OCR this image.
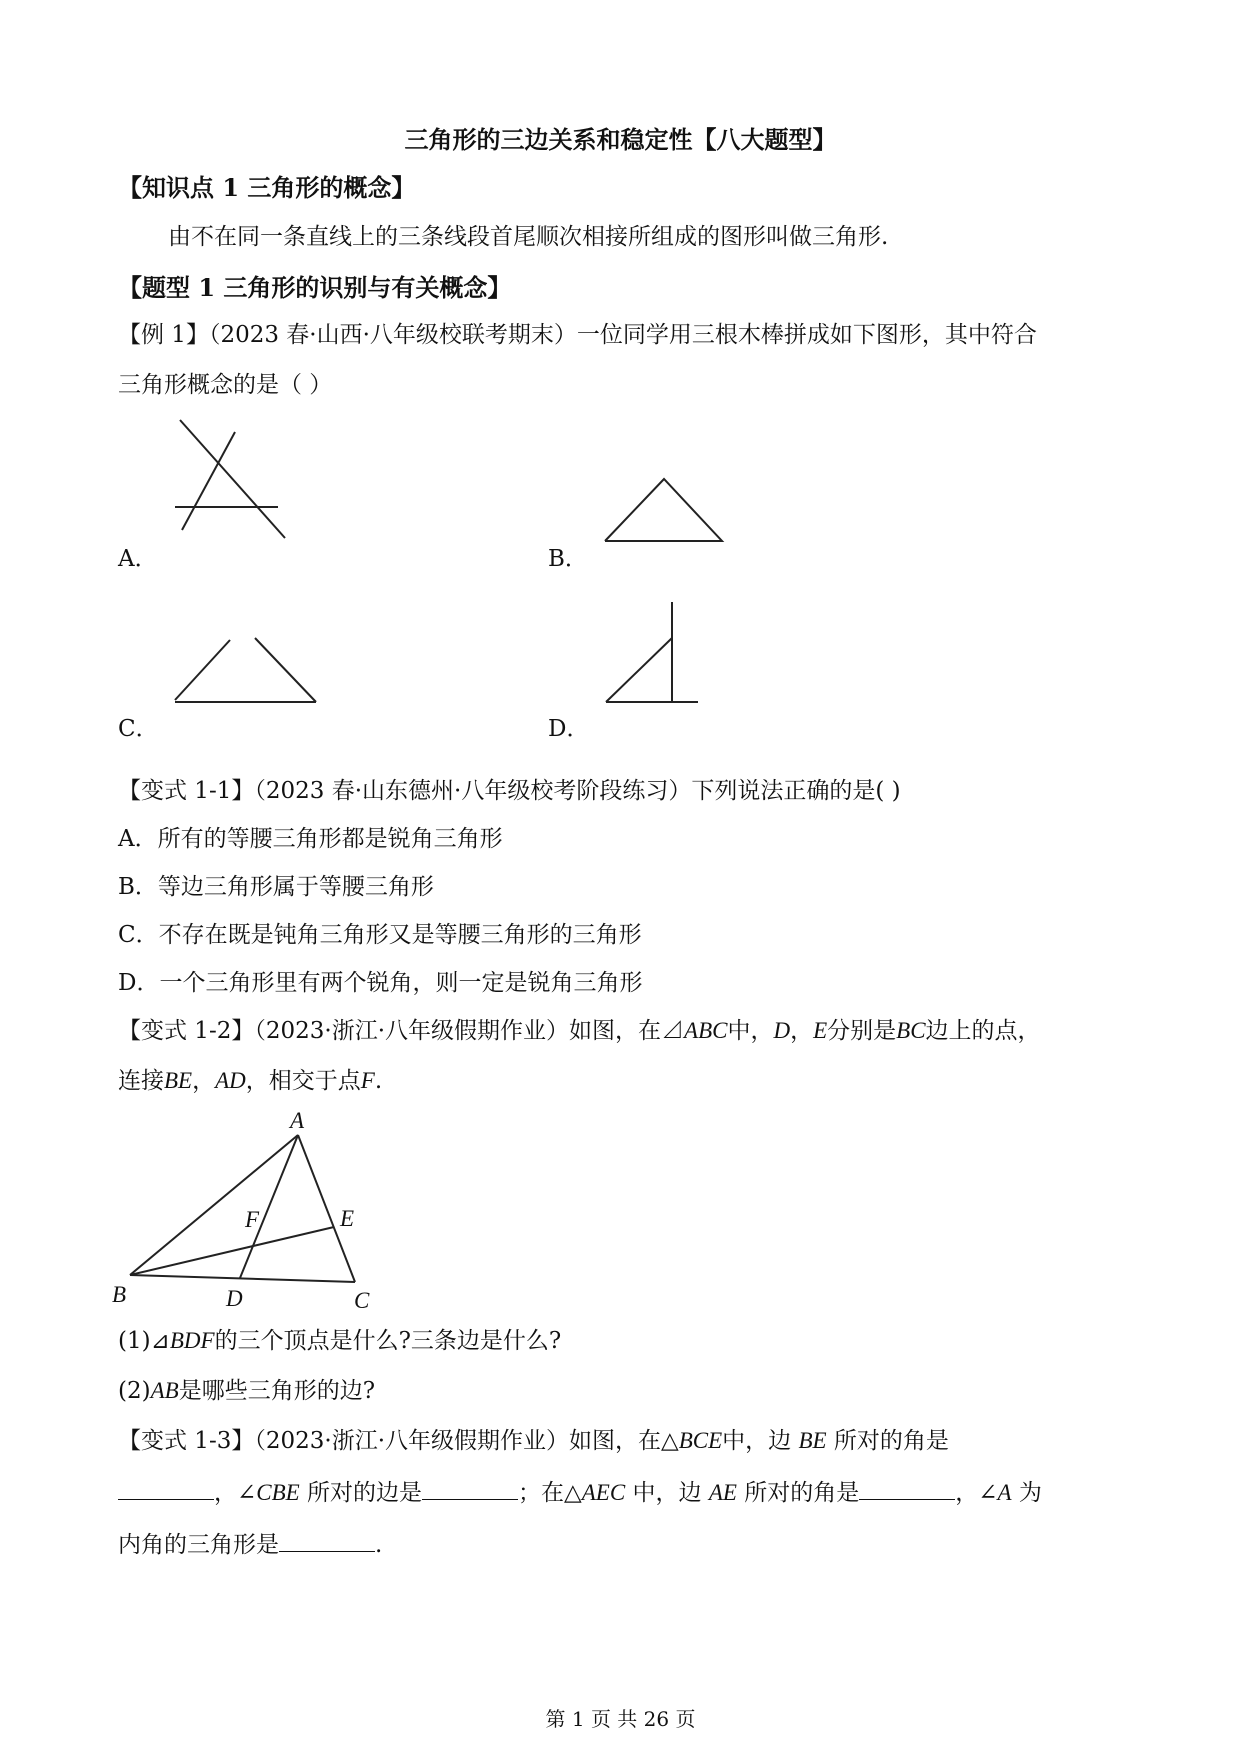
三角形的三边关系和稳定性【八大题型】
【知识点 1 三角形的概念】
由不在同一条直线上的三条线段首尾顺次相接所组成的图形叫做三角形.
【题型 1 三角形的识别与有关概念】
【例 1】（2023 春·山西·八年级校联考期末）一位同学用三根木棒拼成如下图形，其中符合
三角形概念的是（ ）
A．	B．
C．	D．
【变式 1-1】（2023 春·山东德州·八年级校考阶段练习）下列说法正确的是( )
A．所有的等腰三角形都是锐角三角形
B．等边三角形属于等腰三角形
C．不存在既是钝角三角形又是等腰三角形的三角形
D．一个三角形里有两个锐角，则一定是锐角三角形
【变式 1-2】（2023·浙江·八年级假期作业）如图，在⊿ABC中，D，E分别是BC边上的点，
连接BE，AD，相交于点F.
A
B	C
D
E
F
(1)⊿BDF的三个顶点是什么?三条边是什么?
(2)AB是哪些三角形的边?
【变式 1-3】（2023·浙江·八年级假期作业）如图，在△BCE中，边 BE 所对的角是
，∠CBE 所对的边是	；在△AEC 中，边 AE 所对的角是	，∠A 为
内角的三角形是	.
第 1 页 共 26 页
